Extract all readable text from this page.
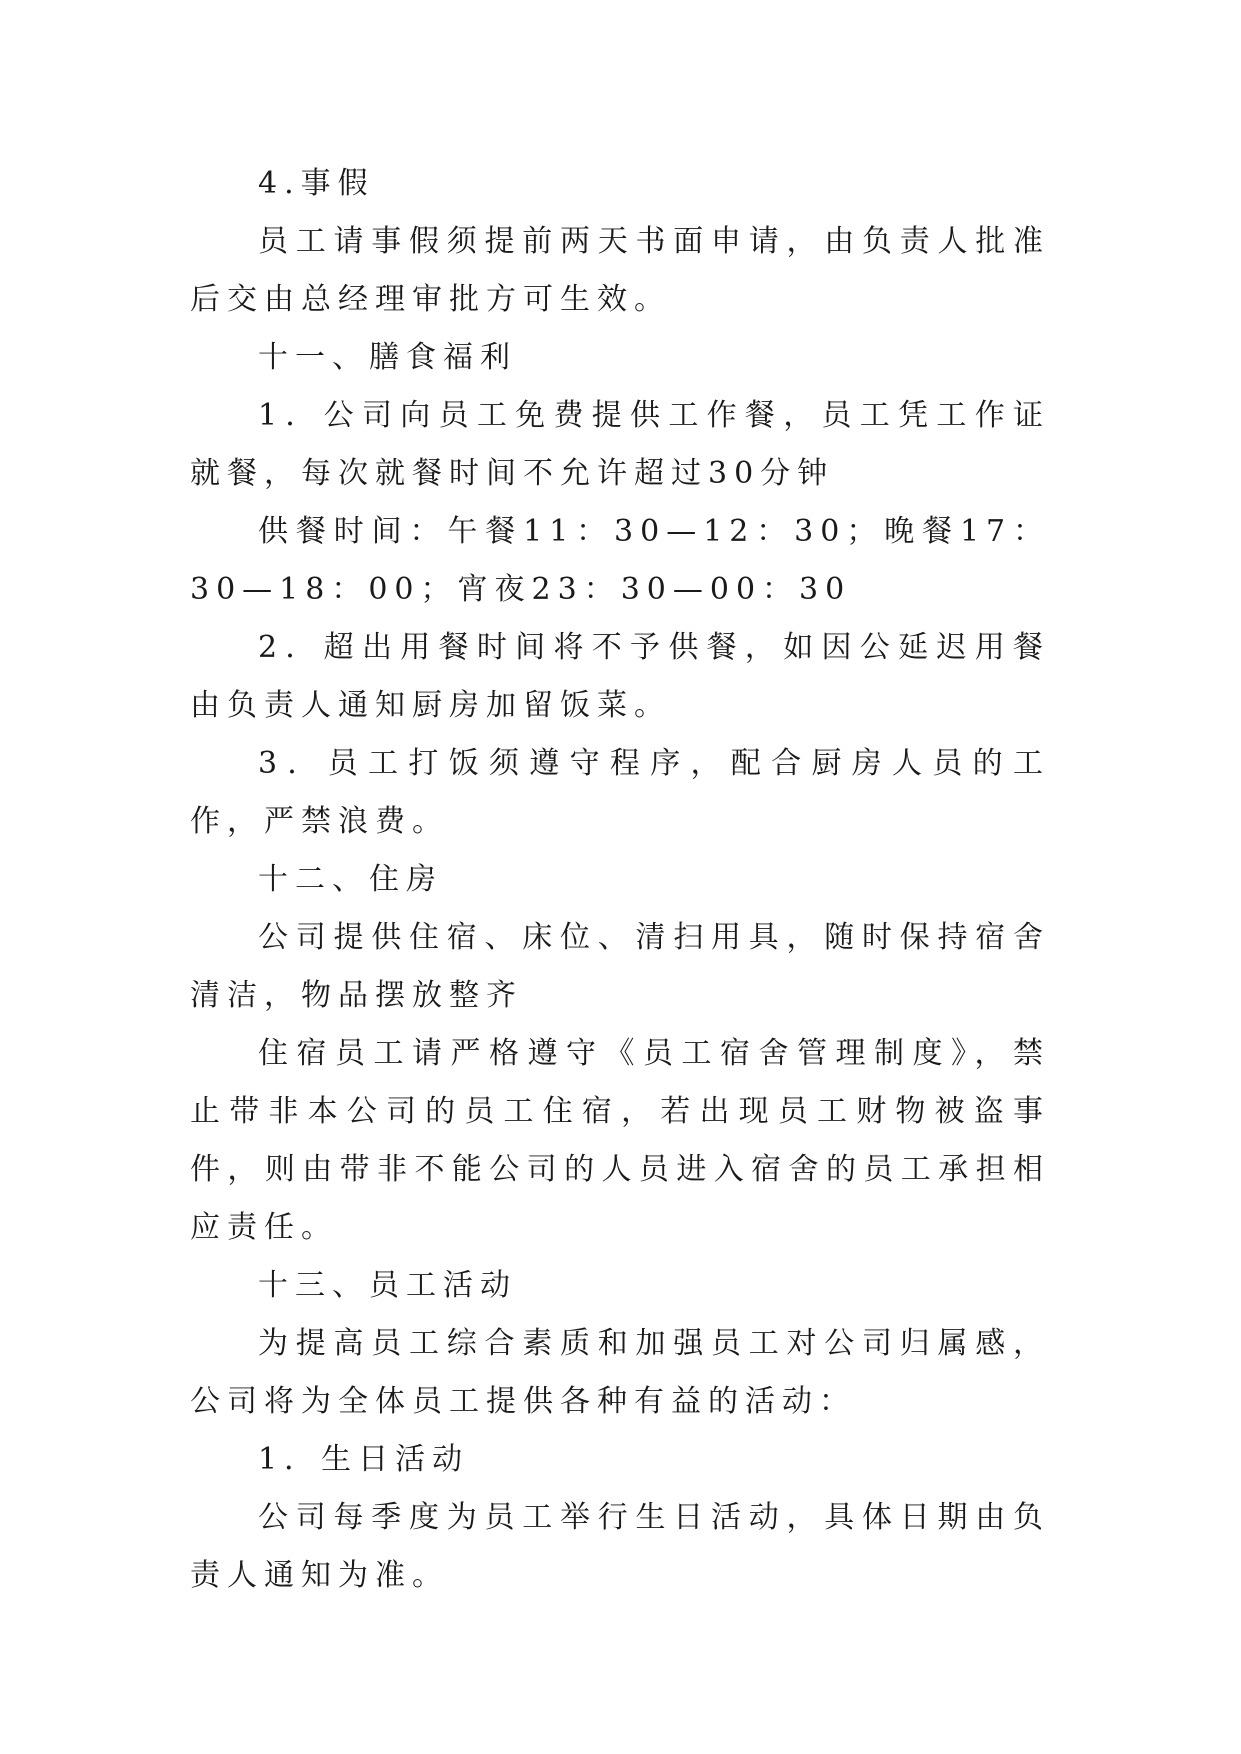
4.事假

员工请事假须提前两天书面申请，由负责人批准后交由总经理审批方可生效。

十一、膳食福利

1．公司向员工免费提供工作餐，员工凭工作证就餐，每次就餐时间不允许超过30分钟

供餐时间：午餐11：30—12：30；晚餐17：30—18：00；宵夜23：30—00：30

2．超出用餐时间将不予供餐，如因公延迟用餐由负责人通知厨房加留饭菜。

3．员工打饭须遵守程序，配合厨房人员的工作，严禁浪费。

十二、住房

公司提供住宿、床位、清扫用具，随时保持宿舍清洁，物品摆放整齐

住宿员工请严格遵守《员工宿舍管理制度》，禁止带非本公司的员工住宿，若出现员工财物被盗事件，则由带非不能公司的人员进入宿舍的员工承担相应责任。

十三、员工活动

为提高员工综合素质和加强员工对公司归属感，公司将为全体员工提供各种有益的活动：

1．生日活动

公司每季度为员工举行生日活动，具体日期由负责人通知为准。
